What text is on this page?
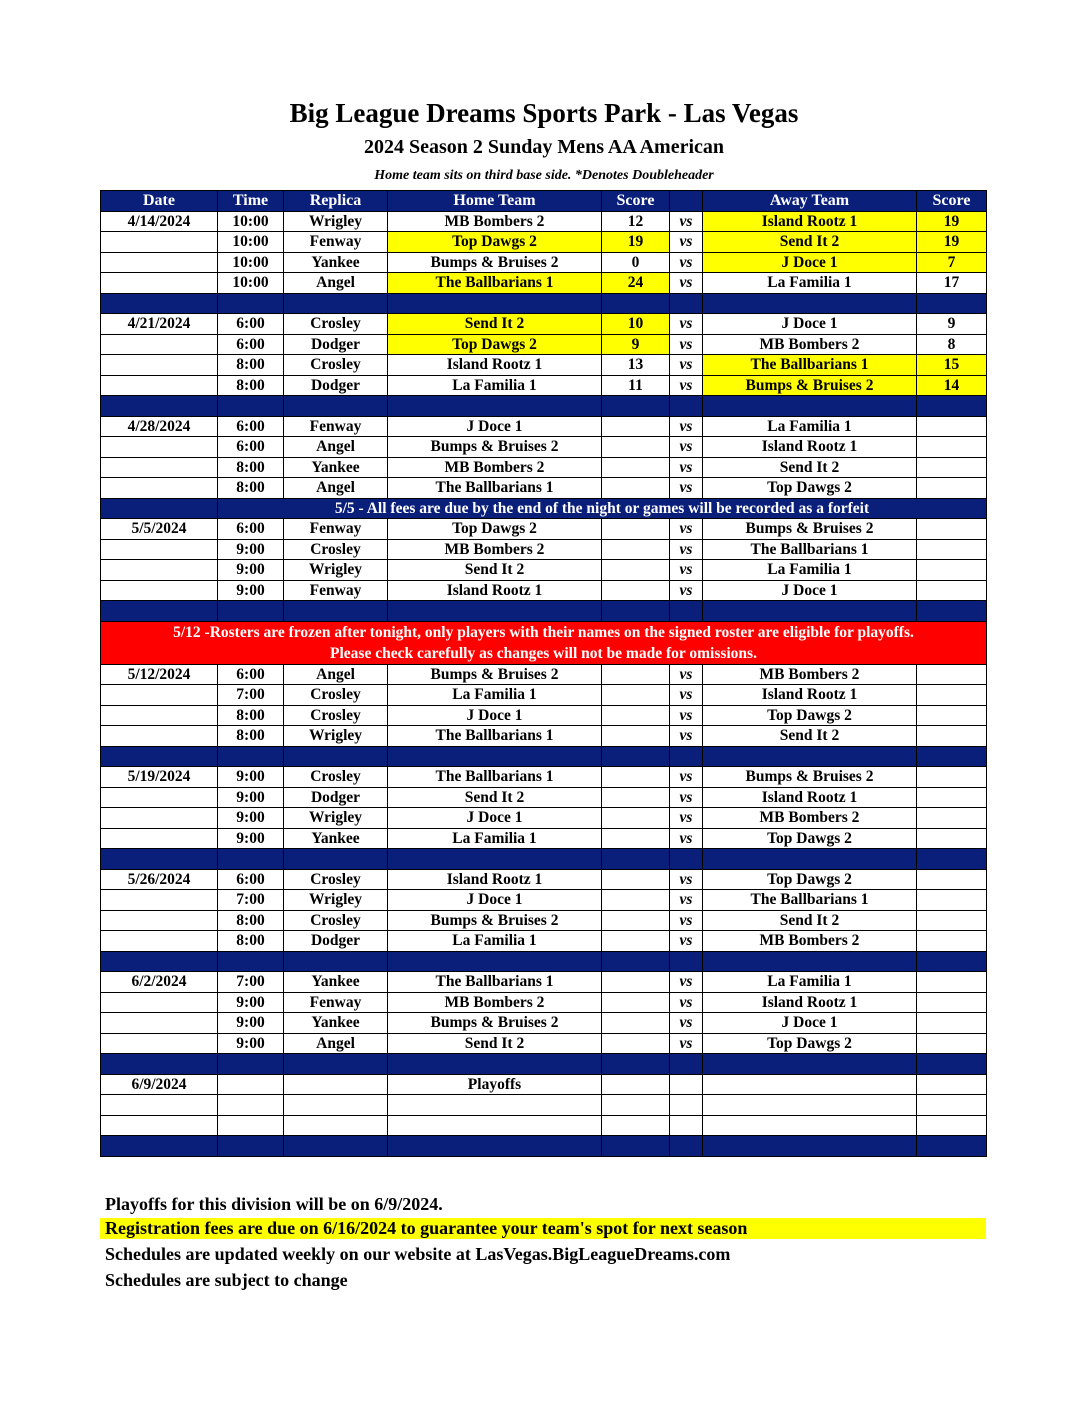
Big League Dreams Sports Park - Las Vegas
2024 Season 2 Sunday Mens AA American
Home team sits on third base side. *Denotes Doubleheader
Date	Time	Replica	Home Team	Score		Away Team	Score
4/14/2024	10:00	Wrigley	MB Bombers 2	12	vs	Island Rootz 1	19
	10:00	Fenway	Top Dawgs 2	19	vs	Send It 2	19
	10:00	Yankee	Bumps & Bruises 2	0	vs	J Doce 1	7
	10:00	Angel	The Ballbarians 1	24	vs	La Familia 1	17

4/21/2024	6:00	Crosley	Send It 2	10	vs	J Doce 1	9
	6:00	Dodger	Top Dawgs 2	9	vs	MB Bombers 2	8
	8:00	Crosley	Island Rootz 1	13	vs	The Ballbarians 1	15
	8:00	Dodger	La Familia 1	11	vs	Bumps & Bruises 2	14

4/28/2024	6:00	Fenway	J Doce 1		vs	La Familia 1	
	6:00	Angel	Bumps & Bruises 2		vs	Island Rootz 1	
	8:00	Yankee	MB Bombers 2		vs	Send It 2	
	8:00	Angel	The Ballbarians 1		vs	Top Dawgs 2	
	5/5 - All fees are due by the end of the night or games will be recorded as a forfeit						
5/5/2024	6:00	Fenway	Top Dawgs 2		vs	Bumps & Bruises 2	
	9:00	Crosley	MB Bombers 2		vs	The Ballbarians 1	
	9:00	Wrigley	Send It 2		vs	La Familia 1	
	9:00	Fenway	Island Rootz 1		vs	J Doce 1	

5/12 -Rosters are frozen after tonight, only players with their names on the signed roster are eligible for playoffs.
Please check carefully as changes will not be made for omissions.							

5/12/2024	6:00	Angel	Bumps & Bruises 2		vs	MB Bombers 2	
	7:00	Crosley	La Familia 1		vs	Island Rootz 1	
	8:00	Crosley	J Doce 1		vs	Top Dawgs 2	
	8:00	Wrigley	The Ballbarians 1		vs	Send It 2	

5/19/2024	9:00	Crosley	The Ballbarians 1		vs	Bumps & Bruises 2	
	9:00	Dodger	Send It 2		vs	Island Rootz 1	
	9:00	Wrigley	J Doce 1		vs	MB Bombers 2	
	9:00	Yankee	La Familia 1		vs	Top Dawgs 2	

5/26/2024	6:00	Crosley	Island Rootz 1		vs	Top Dawgs 2	
	7:00	Wrigley	J Doce 1		vs	The Ballbarians 1	
	8:00	Crosley	Bumps & Bruises 2		vs	Send It 2	
	8:00	Dodger	La Familia 1		vs	MB Bombers 2	

6/2/2024	7:00	Yankee	The Ballbarians 1		vs	La Familia 1	
	9:00	Fenway	MB Bombers 2		vs	Island Rootz 1	
	9:00	Yankee	Bumps & Bruises 2		vs	J Doce 1	
	9:00	Angel	Send It 2		vs	Top Dawgs 2	

6/9/2024			Playoffs				

Playoffs for this division will be on 6/9/2024.
Registration fees are due on 6/16/2024 to guarantee your team's spot for next season
Schedules are updated weekly on our website at LasVegas.BigLeagueDreams.com
Schedules are subject to change
